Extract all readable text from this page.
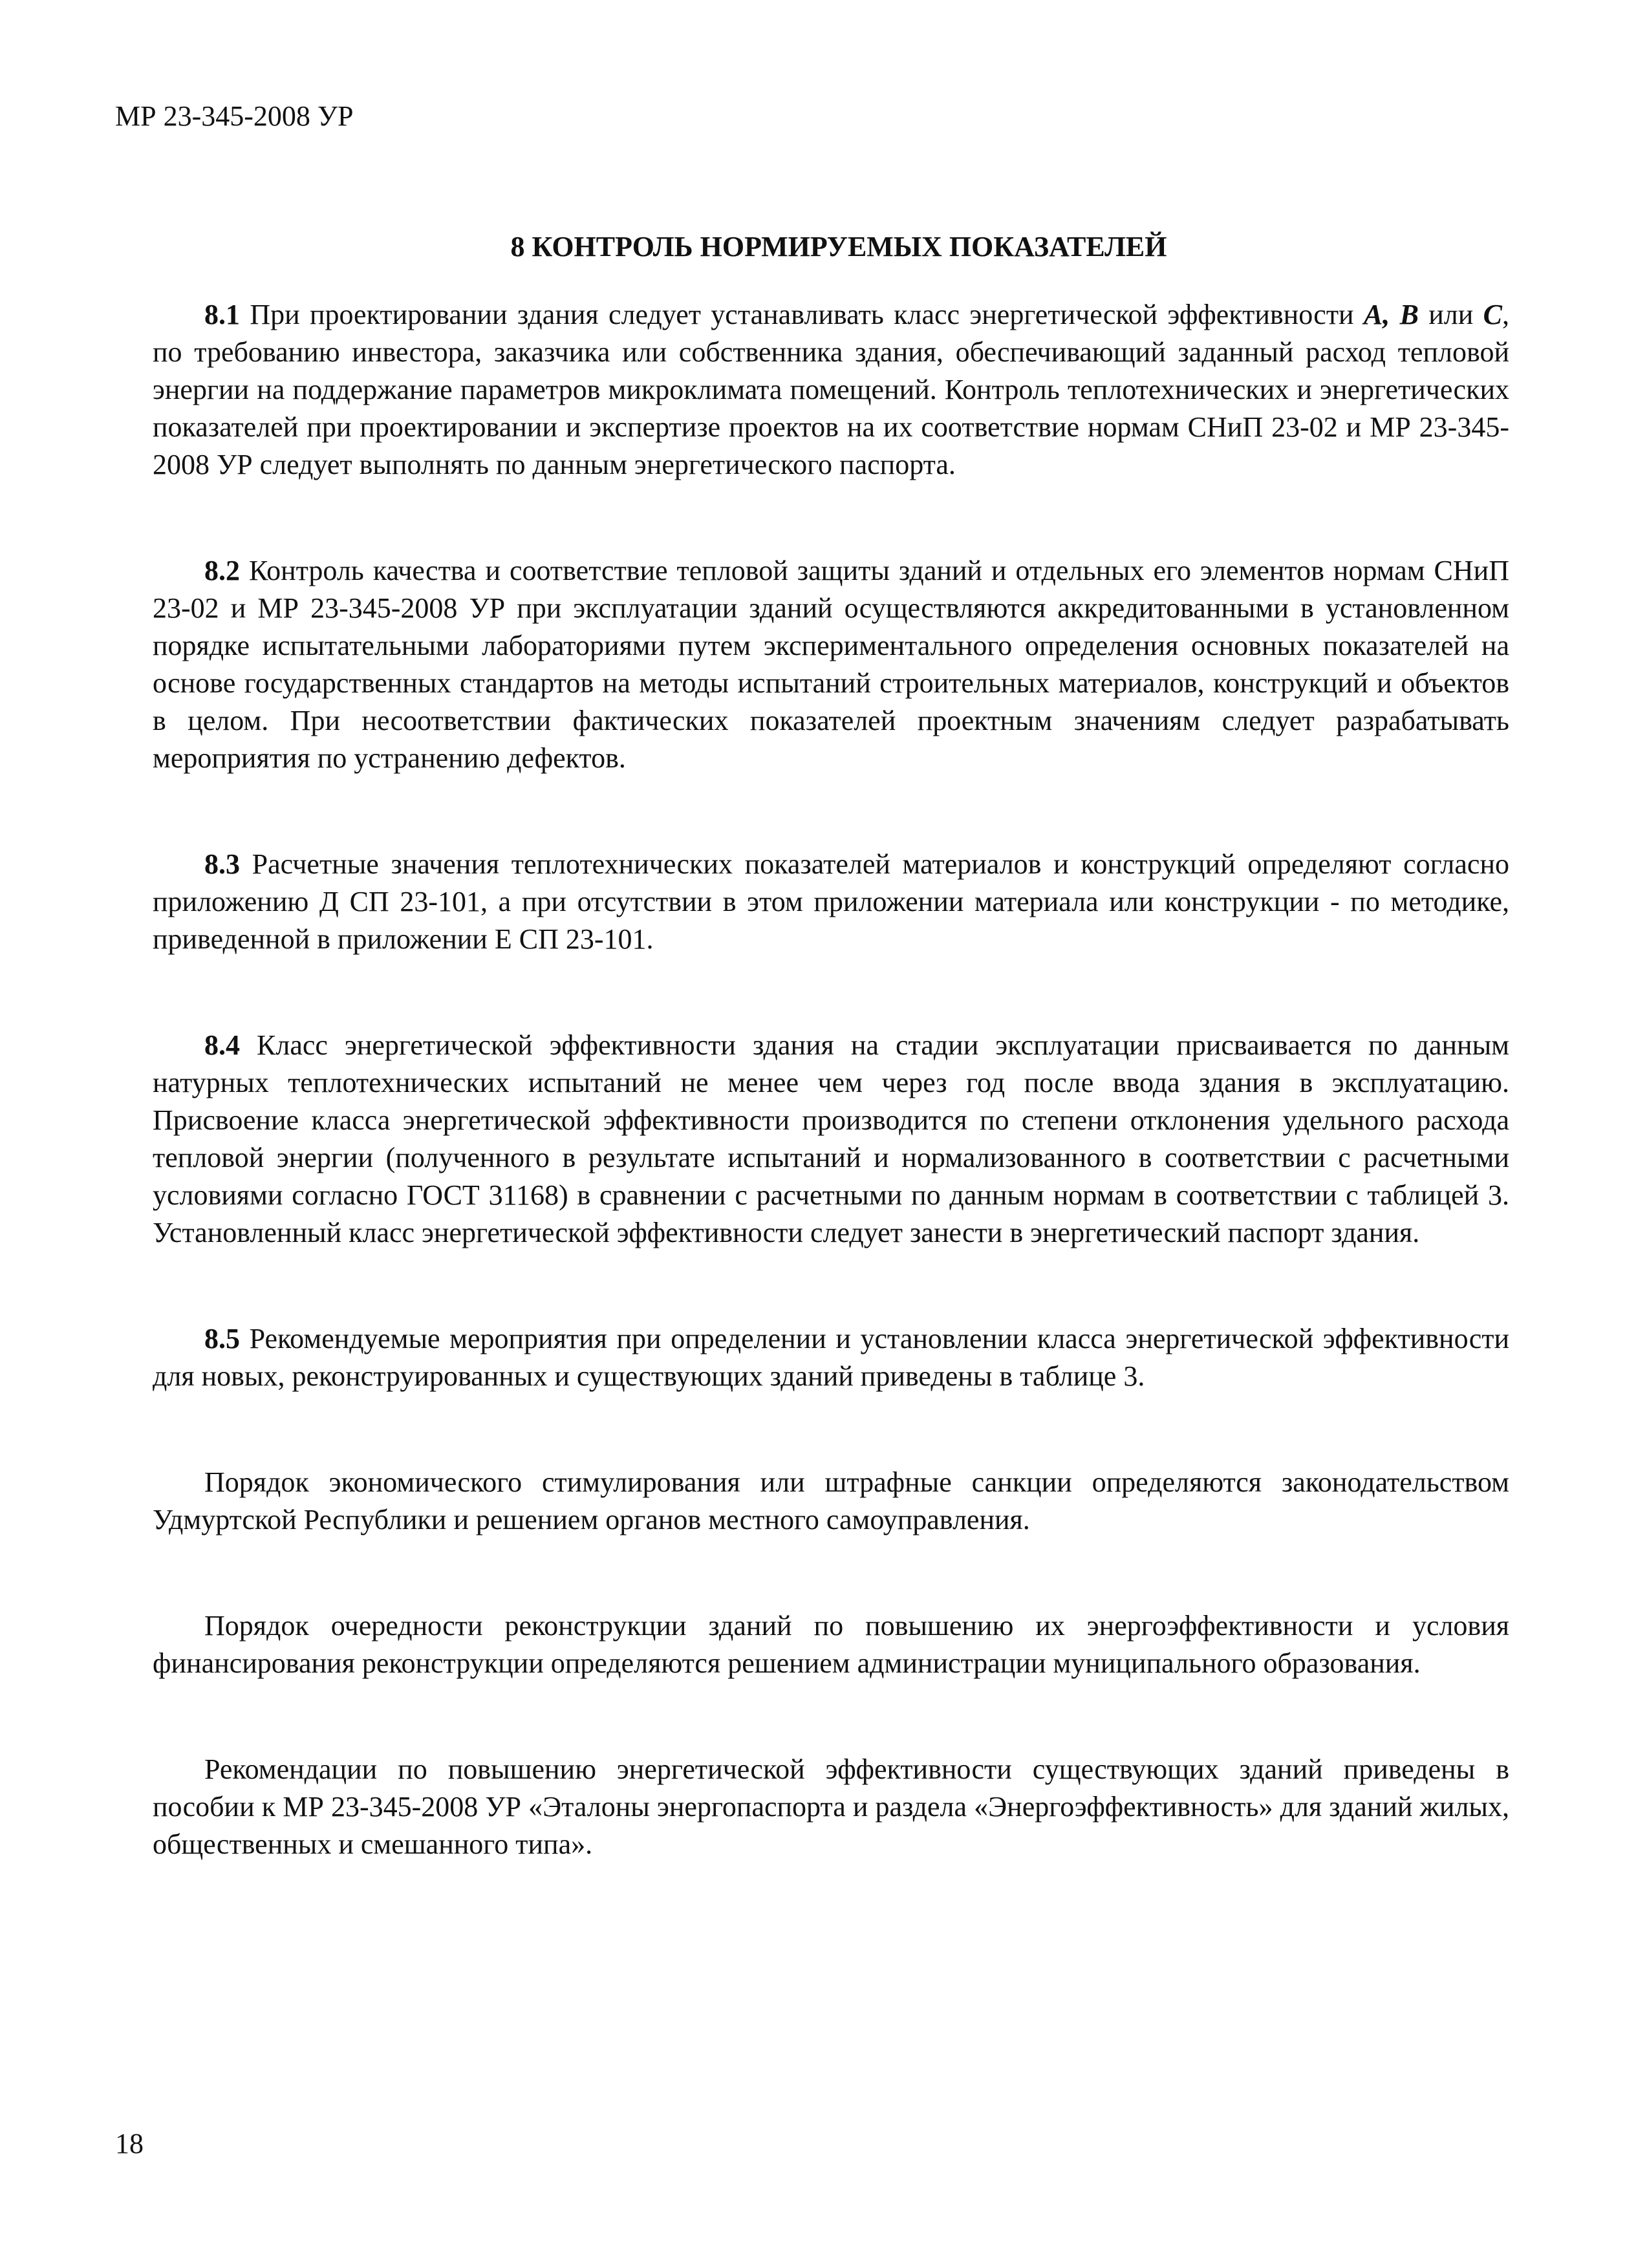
МР 23-345-2008 УР
8 КОНТРОЛЬ НОРМИРУЕМЫХ ПОКАЗАТЕЛЕЙ

8.1 При проектировании здания следует устанавливать класс энергетической эффективности A, B или C, по требованию инвестора, заказчика или собственника здания, обеспечивающий заданный расход тепловой энергии на поддержание параметров микроклимата помещений. Контроль теплотехнических и энергетических показателей при проектировании и экспертизе проектов на их соответствие нормам СНиП 23-02 и МР 23-345-2008 УР следует выполнять по данным энергетического паспорта.

8.2 Контроль качества и соответствие тепловой защиты зданий и отдельных его элементов нормам СНиП 23-02 и МР 23-345-2008 УР при эксплуатации зданий осуществляются аккредитованными в установленном порядке испытательными лабораториями путем экспериментального определения основных показателей на основе государственных стандартов на методы испытаний строительных материалов, конструкций и объектов в целом. При несоответствии фактических показателей проектным значениям следует разрабатывать мероприятия по устранению дефектов.

8.3 Расчетные значения теплотехнических показателей материалов и конструкций определяют согласно приложению Д СП 23-101, а при отсутствии в этом приложении материала или конструкции - по методике, приведенной в приложении Е СП 23-101.

8.4 Класс энергетической эффективности здания на стадии эксплуатации присваивается по данным натурных теплотехнических испытаний не менее чем через год после ввода здания в эксплуатацию. Присвоение класса энергетической эффективности производится по степени отклонения удельного расхода тепловой энергии (полученного в результате испытаний и нормализованного в соответствии с расчетными условиями согласно ГОСТ 31168) в сравнении с расчетными по данным нормам в соответствии с таблицей 3. Установленный класс энергетической эффективности следует занести в энергетический паспорт здания.

8.5 Рекомендуемые мероприятия при определении и установлении класса энергетической эффективности для новых, реконструированных и существующих зданий приведены в таблице 3.

Порядок экономического стимулирования или штрафные санкции определяются законодательством Удмуртской Республики и решением органов местного самоуправления.

Порядок очередности реконструкции зданий по повышению их энергоэффективности и условия финансирования реконструкции определяются решением администрации муниципального образования.

Рекомендации по повышению энергетической эффективности существующих зданий приведены в пособии к МР 23-345-2008 УР «Эталоны энергопаспорта и раздела «Энергоэффективность» для зданий жилых, общественных и смешанного типа».

18
